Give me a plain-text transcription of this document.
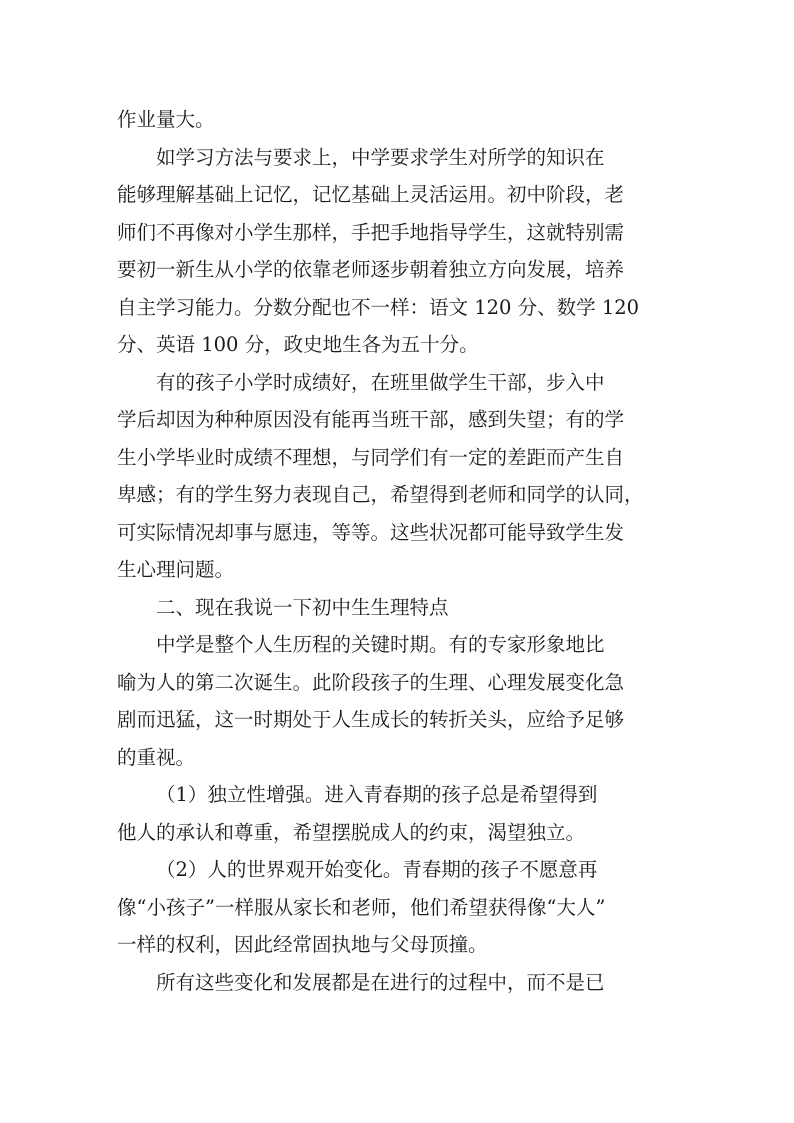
作业量大。
如学习方法与要求上，中学要求学生对所学的知识在
能够理解基础上记忆，记忆基础上灵活运用。初中阶段，老
师们不再像对小学生那样，手把手地指导学生，这就特别需
要初一新生从小学的依靠老师逐步朝着独立方向发展，培养
自主学习能力。分数分配也不一样：语文 120 分、数学 120
分、英语 100 分，政史地生各为五十分。
有的孩子小学时成绩好，在班里做学生干部，步入中
学后却因为种种原因没有能再当班干部，感到失望；有的学
生小学毕业时成绩不理想，与同学们有一定的差距而产生自
卑感；有的学生努力表现自己，希望得到老师和同学的认同，
可实际情况却事与愿违，等等。这些状况都可能导致学生发
生心理问题。
二、现在我说一下初中生生理特点
中学是整个人生历程的关键时期。有的专家形象地比
喻为人的第二次诞生。此阶段孩子的生理、心理发展变化急
剧而迅猛，这一时期处于人生成长的转折关头，应给予足够
的重视。
（1）独立性增强。进入青春期的孩子总是希望得到
他人的承认和尊重，希望摆脱成人的约束，渴望独立。
（2）人的世界观开始变化。青春期的孩子不愿意再
像“小孩子”一样服从家长和老师，他们希望获得像“大人”
一样的权利，因此经常固执地与父母顶撞。
所有这些变化和发展都是在进行的过程中，而不是已
